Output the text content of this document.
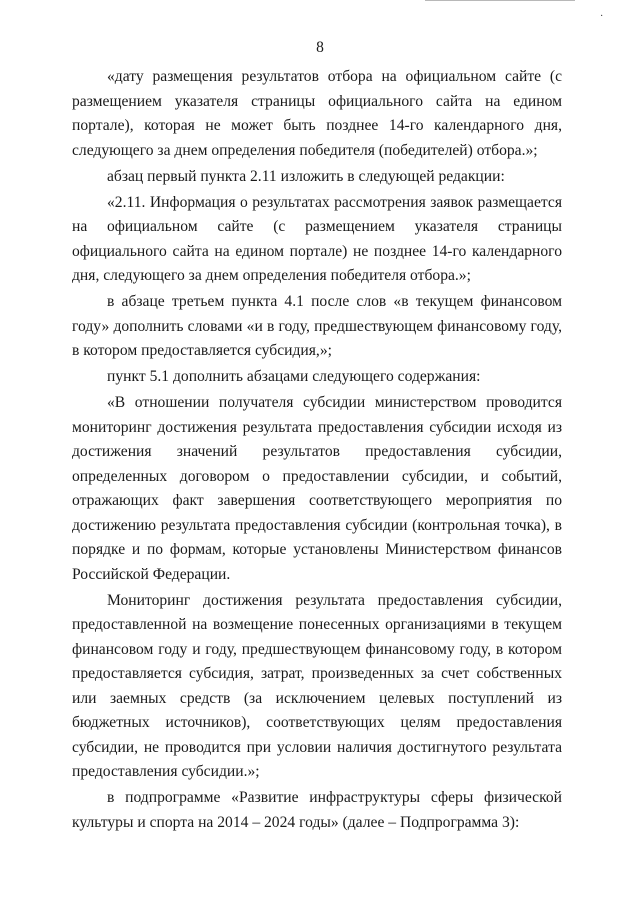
·
8

«дату размещения результатов отбора на официальном сайте (с размещением указателя страницы официального сайта на едином портале), которая не может быть позднее 14-го календарного дня, следующего за днем определения победителя (победителей) отбора.»;

абзац первый пункта 2.11 изложить в следующей редакции:

«2.11. Информация о результатах рассмотрения заявок размещается на официальном сайте (с размещением указателя страницы официального сайта на едином портале) не позднее 14-го календарного дня, следующего за днем определения победителя отбора.»;

в абзаце третьем пункта 4.1 после слов «в текущем финансовом году» дополнить словами «и в году, предшествующем финансовому году, в котором предоставляется субсидия,»;

пункт 5.1 дополнить абзацами следующего содержания:

«В отношении получателя субсидии министерством проводится мониторинг достижения результата предоставления субсидии исходя из достижения значений результатов предоставления субсидии, определенных договором о предоставлении субсидии, и событий, отражающих факт завершения соответствующего мероприятия по достижению результата предоставления субсидии (контрольная точка), в порядке и по формам, которые установлены Министерством финансов Российской Федерации.

Мониторинг достижения результата предоставления субсидии, предоставленной на возмещение понесенных организациями в текущем финансовом году и году, предшествующем финансовому году, в котором предоставляется субсидия, затрат, произведенных за счет собственных или заемных средств (за исключением целевых поступлений из бюджетных источников), соответствующих целям предоставления субсидии, не проводится при условии наличия достигнутого результата предоставления субсидии.»;

в подпрограмме «Развитие инфраструктуры сферы физической культуры и спорта на 2014 – 2024 годы» (далее – Подпрограмма 3):
